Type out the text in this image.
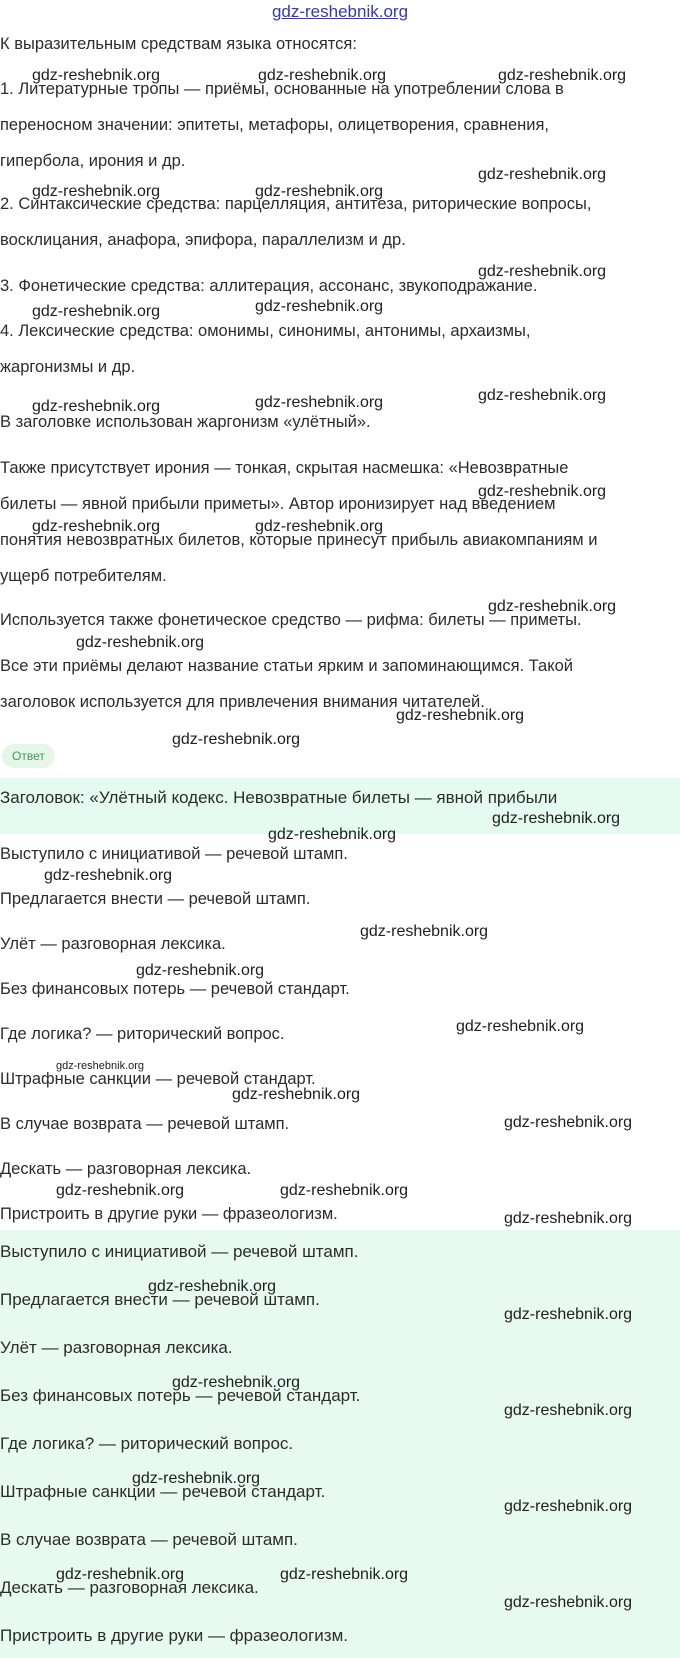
gdz-reshebnik.org
К выразительным средствам языка относятся:
1. Литературные тропы — приёмы, основанные на употреблении слова в
переносном значении: эпитеты, метафоры, олицетворения, сравнения,
гипербола, ирония и др.
2. Синтаксические средства: парцелляция, антитеза, риторические вопросы,
восклицания, анафора, эпифора, параллелизм и др.
3. Фонетические средства: аллитерация, ассонанс, звукоподражание.
4. Лексические средства: омонимы, синонимы, антонимы, архаизмы,
жаргонизмы и др.
В заголовке использован жаргонизм «улётный».
Также присутствует ирония — тонкая, скрытая насмешка: «Невозвратные
билеты — явной прибыли приметы». Автор иронизирует над введением
понятия невозвратных билетов, которые принесут прибыль авиакомпаниям и
ущерб потребителям.
Используется также фонетическое средство — рифма: билеты — приметы.
Все эти приёмы делают название статьи ярким и запоминающимся. Такой
заголовок используется для привлечения внимания читателей.
Ответ
Заголовок: «Улётный кодекс. Невозвратные билеты — явной прибыли
Выступило с инициативой — речевой штамп.
Предлагается внести — речевой штамп.
Улёт — разговорная лексика.
Без финансовых потерь — речевой стандарт.
Где логика? — риторический вопрос.
Штрафные санкции — речевой стандарт.
В случае возврата — речевой штамп.
Дескать — разговорная лексика.
Пристроить в другие руки — фразеологизм.
Выступило с инициативой — речевой штамп.
Предлагается внести — речевой штамп.
Улёт — разговорная лексика.
Без финансовых потерь — речевой стандарт.
Где логика? — риторический вопрос.
Штрафные санкции — речевой стандарт.
В случае возврата — речевой штамп.
Дескать — разговорная лексика.
Пристроить в другие руки — фразеологизм.
gdz-reshebnik.org	gdz-reshebnik.org	gdz-reshebnik.org
gdz-reshebnik.org
gdz-reshebnik.org	gdz-reshebnik.org
gdz-reshebnik.org
gdz-reshebnik.org
gdz-reshebnik.org
gdz-reshebnik.org
gdz-reshebnik.org	gdz-reshebnik.org
gdz-reshebnik.org
gdz-reshebnik.org	gdz-reshebnik.org
gdz-reshebnik.org
gdz-reshebnik.org
gdz-reshebnik.org
gdz-reshebnik.org
gdz-reshebnik.org
gdz-reshebnik.org
gdz-reshebnik.org
gdz-reshebnik.org
gdz-reshebnik.org
gdz-reshebnik.org
gdz-reshebnik.org
gdz-reshebnik.org
gdz-reshebnik.org
gdz-reshebnik.org	gdz-reshebnik.org
gdz-reshebnik.org
gdz-reshebnik.org
gdz-reshebnik.org
gdz-reshebnik.org
gdz-reshebnik.org
gdz-reshebnik.org
gdz-reshebnik.org
gdz-reshebnik.org	gdz-reshebnik.org
gdz-reshebnik.org
